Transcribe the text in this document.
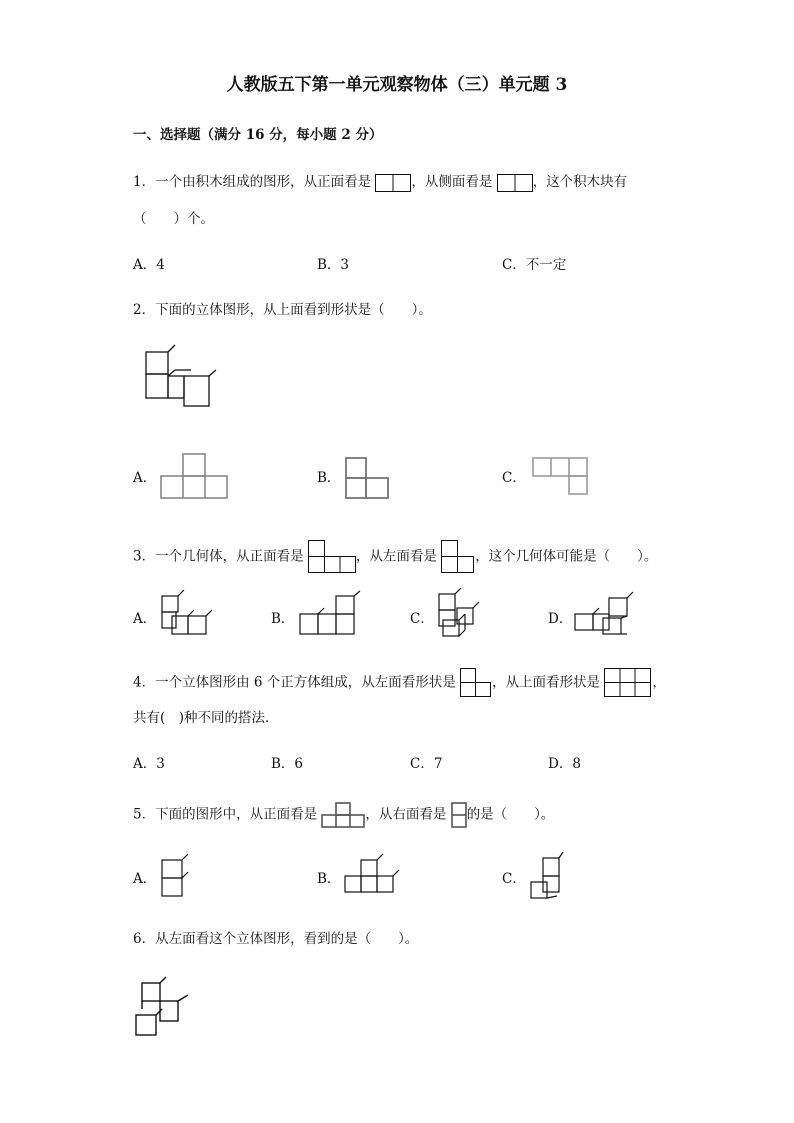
人教版五下第一单元观察物体（三）单元题 3
一、选择题（满分 16 分，每小题 2 分）
1．一个由积木组成的图形，从正面看是	，从侧面看是	，这个积木块有
（　　）个。
A．4	B．3	C．不一定
2．下面的立体图形，从上面看到形状是（　　）。
A．	B．	C．
3．一个几何体，从正面看是	，从左面看是	，这个几何体可能是（　　）。
A．	B．	C．	D．
4．一个立体图形由 6 个正方体组成，从左面看形状是	，从上面看形状是	，
共有(　)种不同的搭法．
A．3	B．6	C．7	D．8
5．下面的图形中，从正面看是	，从右面看是 的是（　　）。
A．	B．	C．
6．从左面看这个立体图形，看到的是（　　）。
